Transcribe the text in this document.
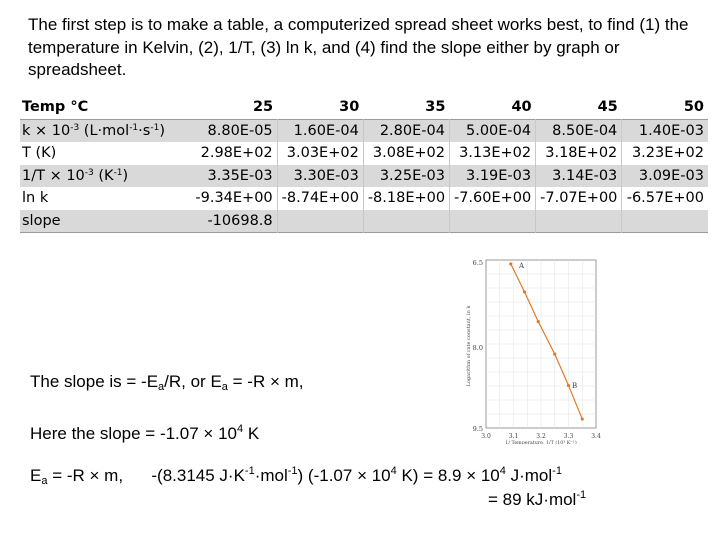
The first step is to make a table, a computerized spread sheet works best, to find (1) the temperature in Kelvin, (2), 1/T, (3) ln k, and (4) find the slope either by graph or spreadsheet.

Temp °C	25	30	35	40	45	50
$k \times 10^{-3}$ $(L\cdot mol^{-1}\cdot s^{-1})$	8.80E-05	1.60E-04	2.80E-04	5.00E-04	8.50E-04	1.40E-03
T (K)	2.98E+02	3.03E+02	3.08E+02	3.13E+02	3.18E+02	3.23E+02
$1/T \times 10^{-3}$ $(K^{-1})$	3.35E-03	3.30E-03	3.25E-03	3.19E-03	3.14E-03	3.09E-03
ln k	-9.34E+00	-8.74E+00	-8.18E+00	-7.60E+00	-7.07E+00	-6.57E+00
slope	-10698.8					
6.5
8.0
9.5
3.0	3.1	3.2	3.3	3.4
Logarithm of rate constant, ln k
1/ Temperature, 1/T (10³ K⁻¹)
A
B

The slope is = $-E_a/R$, or $E_a = -R \times m$,

Here the slope = $-1.07 \times 10^4$ K

$E_a = -R \times m$,      -(8.3145 $J\cdot K^{-1}\cdot mol^{-1}$) ($-1.07 \times 10^4$ $K) = 8.9 \times 10^4$ J·mol$^{-1}$
= 89 kJ·mol$^{-1}$
